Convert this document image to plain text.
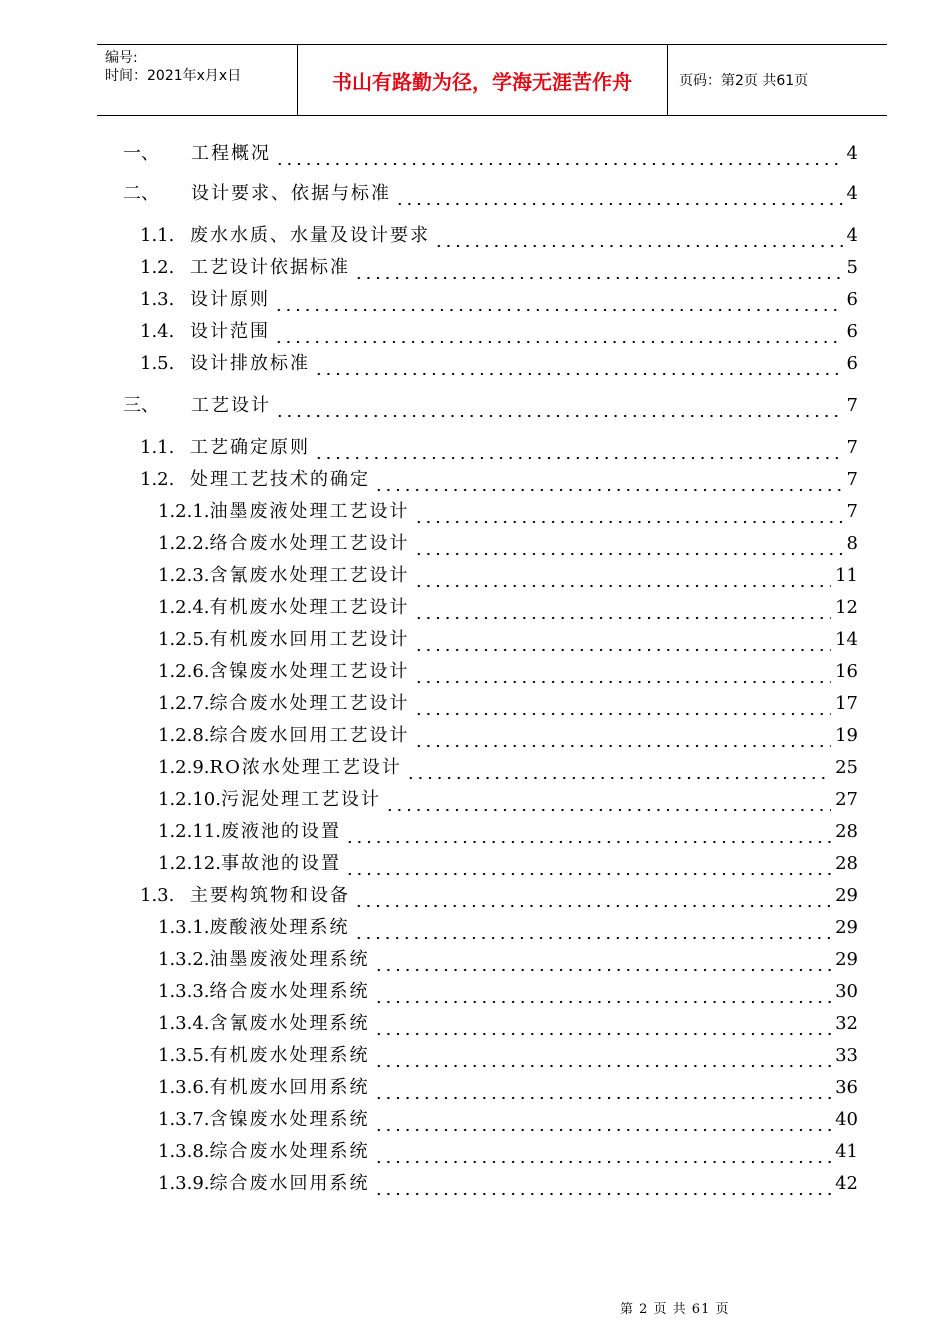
编号:
时间：2021年x月x日	书山有路勤为径，学海无涯苦作舟	页码：第2页 共61页
一、	工程概况	4
二、	设计要求、依据与标准	4
1.1. 废水水质、水量及设计要求	4
1.2. 工艺设计依据标准	5
1.3. 设计原则	6
1.4. 设计范围	6
1.5. 设计排放标准	6
三、	工艺设计	7
1.1. 工艺确定原则	7
1.2. 处理工艺技术的确定	7
1.2.1. 油墨废液处理工艺设计	7
1.2.2. 络合废水处理工艺设计	8
1.2.3. 含氰废水处理工艺设计	11
1.2.4. 有机废水处理工艺设计	12
1.2.5. 有机废水回用工艺设计	14
1.2.6. 含镍废水处理工艺设计	16
1.2.7. 综合废水处理工艺设计	17
1.2.8. 综合废水回用工艺设计	19
1.2.9. RO浓水处理工艺设计	25
1.2.10. 污泥处理工艺设计	27
1.2.11. 废液池的设置	28
1.2.12. 事故池的设置	28
1.3. 主要构筑物和设备	29
1.3.1. 废酸液处理系统	29
1.3.2. 油墨废液处理系统	29
1.3.3. 络合废水处理系统	30
1.3.4. 含氰废水处理系统	32
1.3.5. 有机废水处理系统	33
1.3.6. 有机废水回用系统	36
1.3.7. 含镍废水处理系统	40
1.3.8. 综合废水处理系统	41
1.3.9. 综合废水回用系统	42
第 2 页 共 61 页
